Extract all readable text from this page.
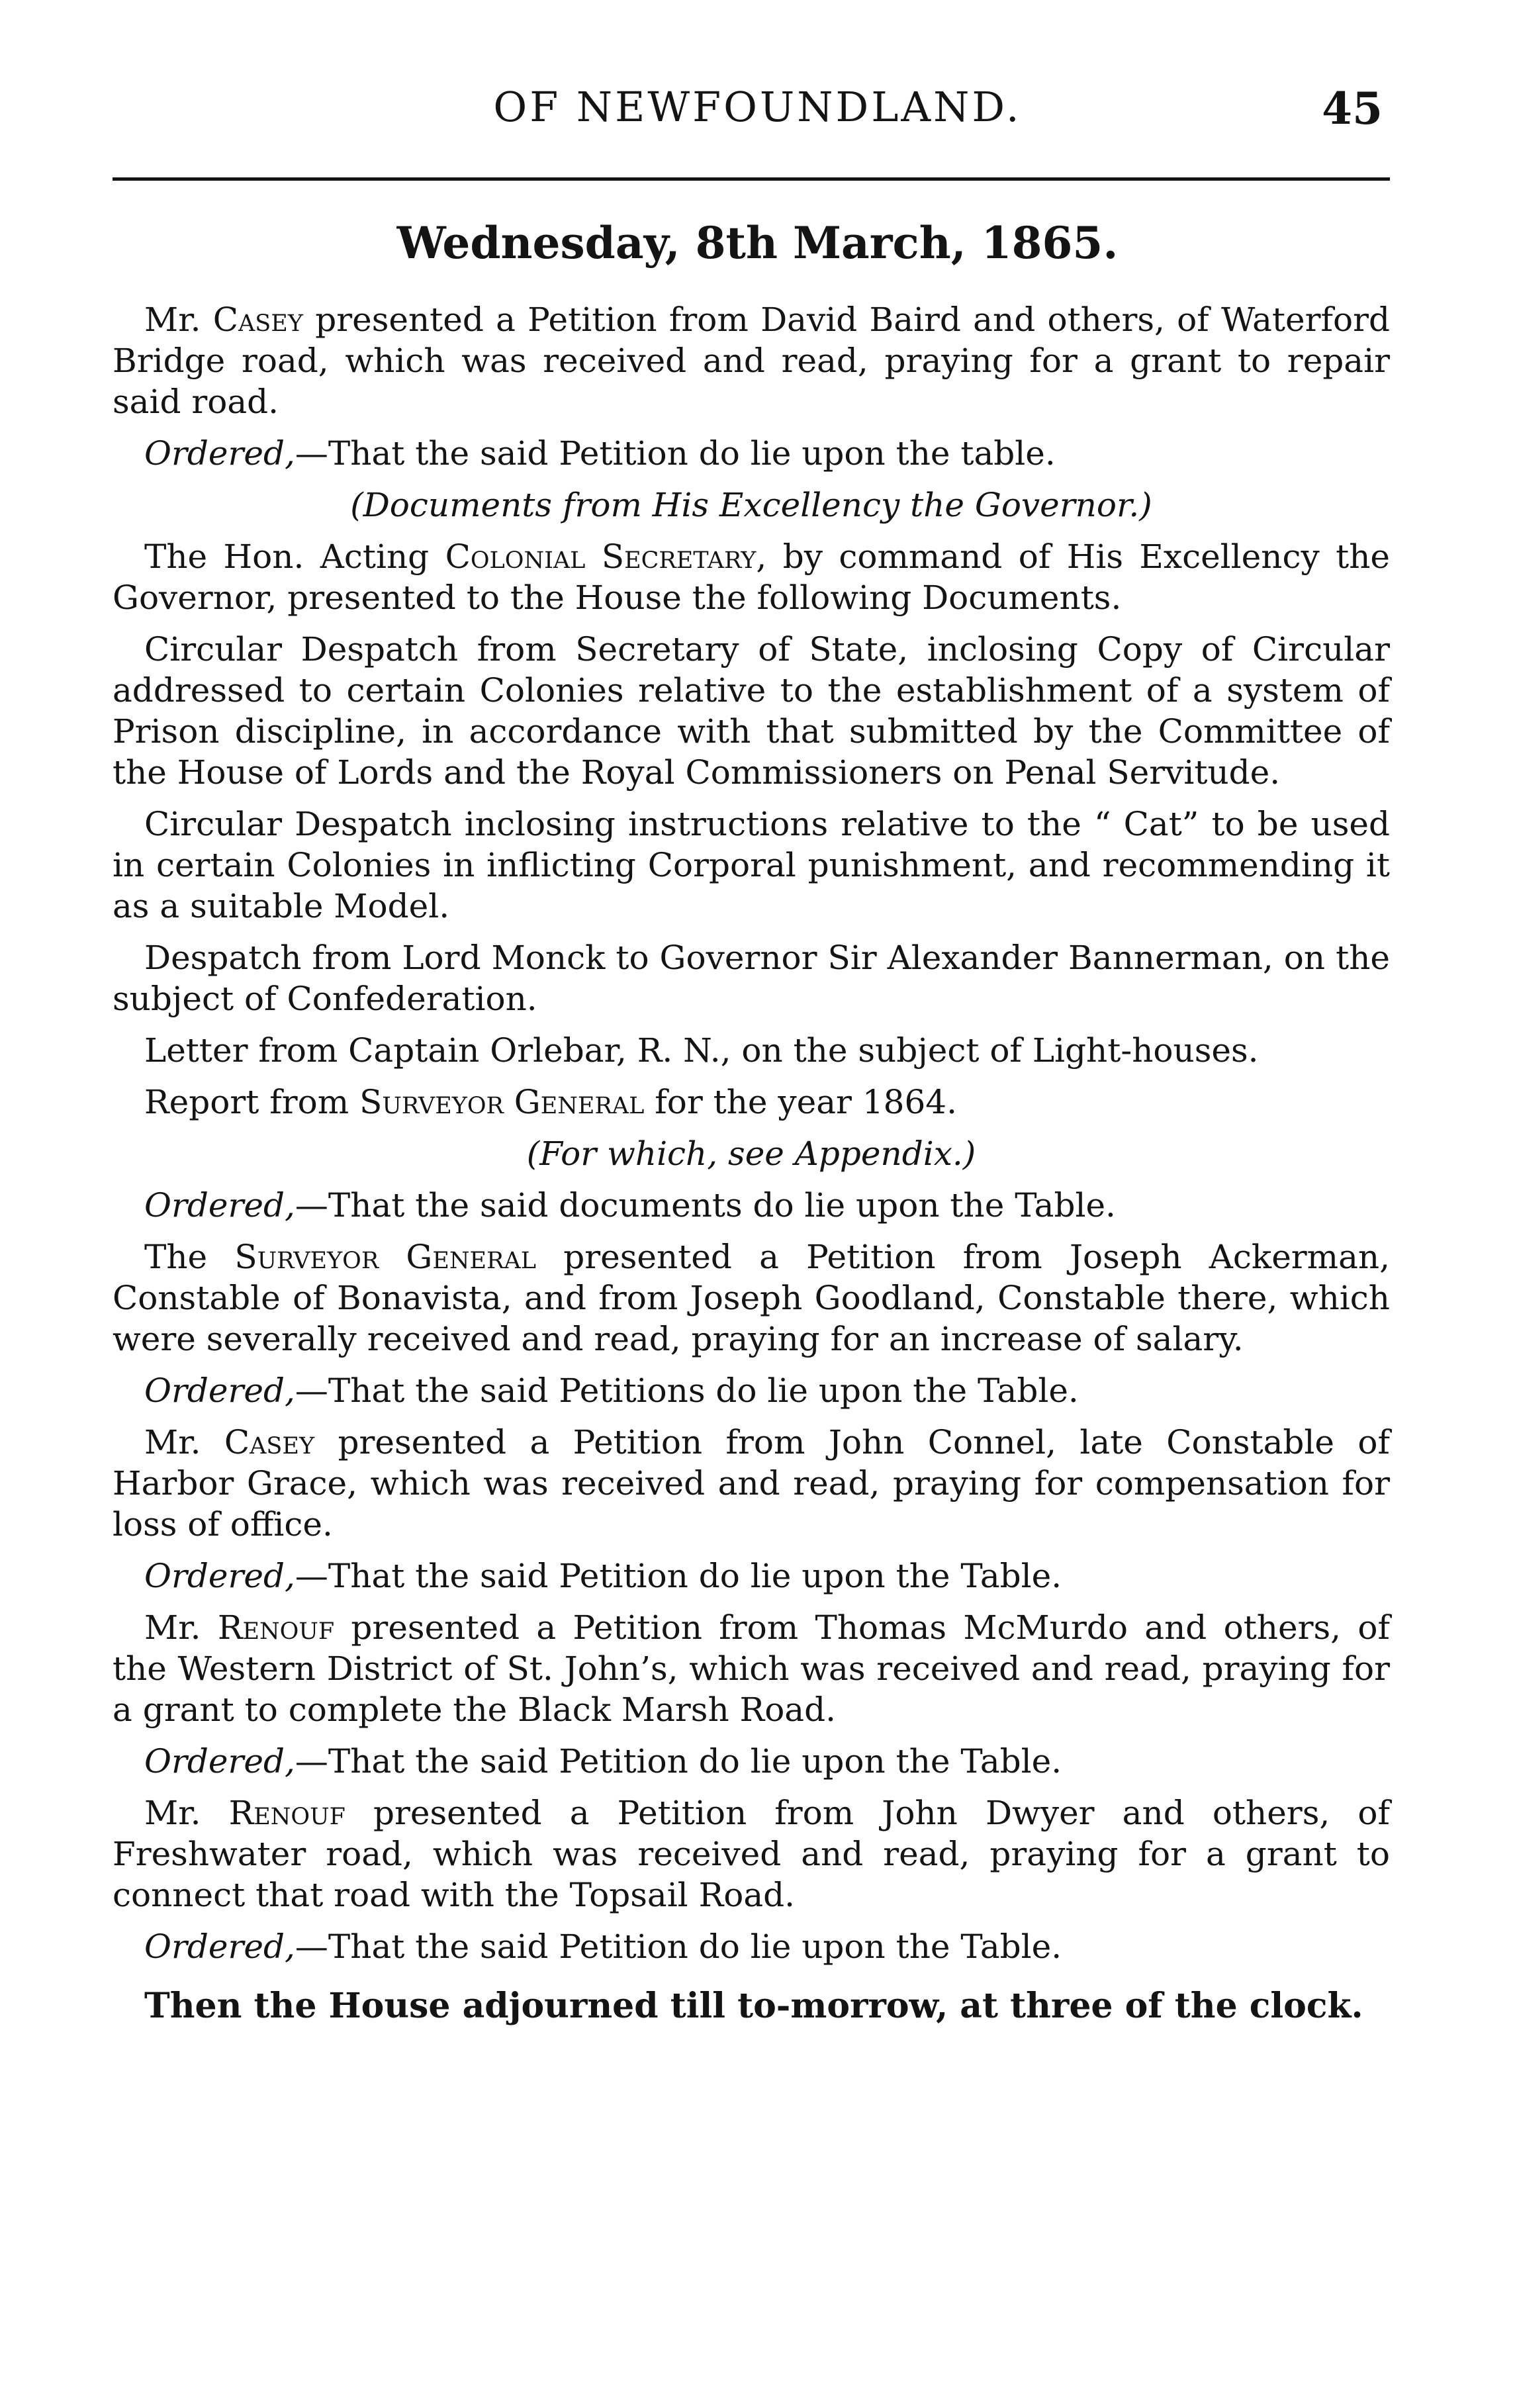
OF NEWFOUNDLAND.	45
Wednesday, 8th March, 1865.

Mr. Casey presented a Petition from David Baird and others, of Waterford Bridge road, which was received and read, praying for a grant to repair said road.

Ordered,—That the said Petition do lie upon the table.

(Documents from His Excellency the Governor.)

The Hon. Acting Colonial Secretary, by command of His Excellency the Governor, presented to the House the following Documents.

Circular Despatch from Secretary of State, inclosing Copy of Circular addressed to certain Colonies relative to the establishment of a system of Prison discipline, in accordance with that submitted by the Committee of the House of Lords and the Royal Commissioners on Penal Servitude.

Circular Despatch inclosing instructions relative to the “ Cat” to be used in certain Colonies in inflicting Corporal punishment, and recommending it as a suitable Model.

Despatch from Lord Monck to Governor Sir Alexander Bannerman, on the subject of Confederation.

Letter from Captain Orlebar, R. N., on the subject of Light-houses.

Report from Surveyor General for the year 1864.

(For which, see Appendix.)

Ordered,—That the said documents do lie upon the Table.

The Surveyor General presented a Petition from Joseph Ackerman, Constable of Bonavista, and from Joseph Goodland, Constable there, which were severally received and read, praying for an increase of salary.

Ordered,—That the said Petitions do lie upon the Table.

Mr. Casey presented a Petition from John Connel, late Constable of Harbor Grace, which was received and read, praying for compensation for loss of office.

Ordered,—That the said Petition do lie upon the Table.

Mr. Renouf presented a Petition from Thomas McMurdo and others, of the Western District of St. John’s, which was received and read, praying for a grant to complete the Black Marsh Road.

Ordered,—That the said Petition do lie upon the Table.

Mr. Renouf presented a Petition from John Dwyer and others, of Freshwater road, which was received and read, praying for a grant to connect that road with the Topsail Road.

Ordered,—That the said Petition do lie upon the Table.

Then the House adjourned till to-morrow, at three of the clock.
